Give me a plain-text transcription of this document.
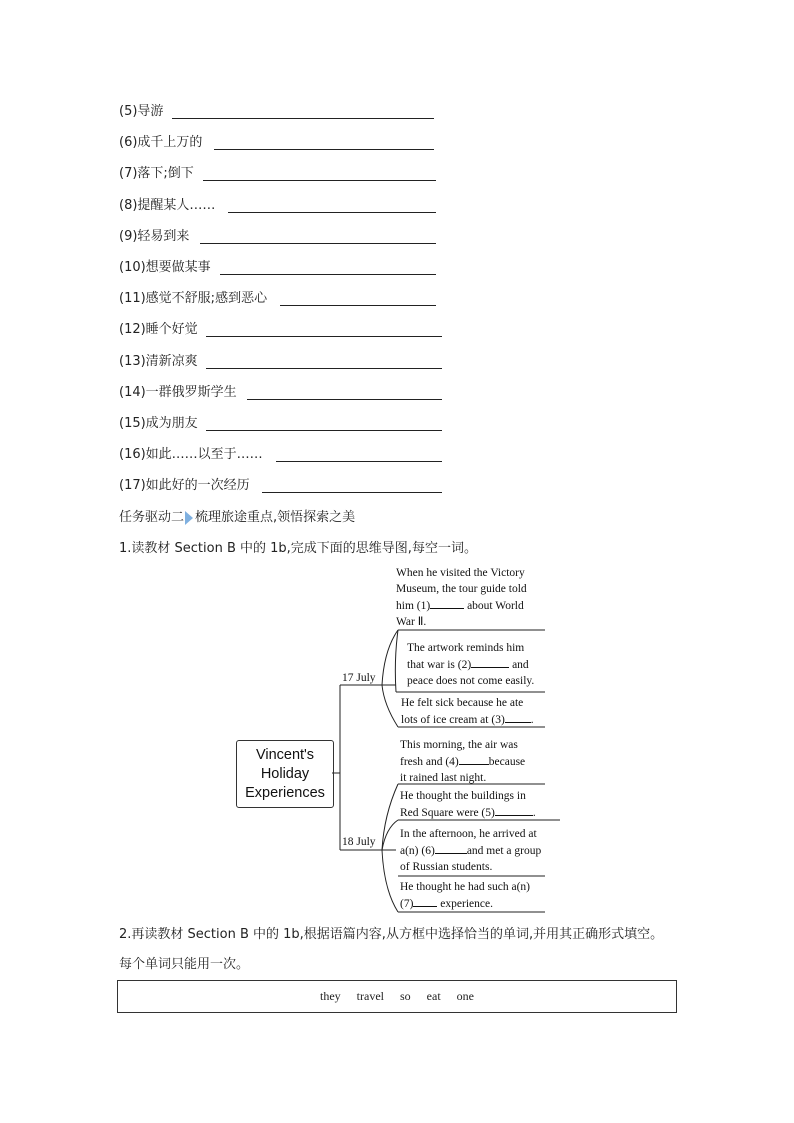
(5)导游
(6)成千上万的
(7)落下;倒下
(8)提醒某人……
(9)轻易到来
(10)想要做某事
(11)感觉不舒服;感到恶心
(12)睡个好觉
(13)清新凉爽
(14)一群俄罗斯学生
(15)成为朋友
(16)如此……以至于……
(17)如此好的一次经历
任务驱动二 梳理旅途重点,领悟探索之美
1.读教材 Section B 中的 1b,完成下面的思维导图,每空一词。
Vincent's
Holiday
Experiences
17 July
18 July
When he visited the Victory
Museum, the tour guide told
him (1)	about World
War Ⅱ.
The artwork reminds him
that war is (2)	and
peace does not come easily.
He felt sick because he ate
lots of ice cream at (3) .
This morning, the air was
fresh and (4)	because
it rained last night.
He thought the buildings in
Red Square were (5)	.
In the afternoon, he arrived at
a(n) (6)	and met a group
of Russian students.
He thought he had such a(n)
(7) experience.
2.再读教材 Section B 中的 1b,根据语篇内容,从方框中选择恰当的单词,并用其正确形式填空。
每个单词只能用一次。
they travel so eat one
